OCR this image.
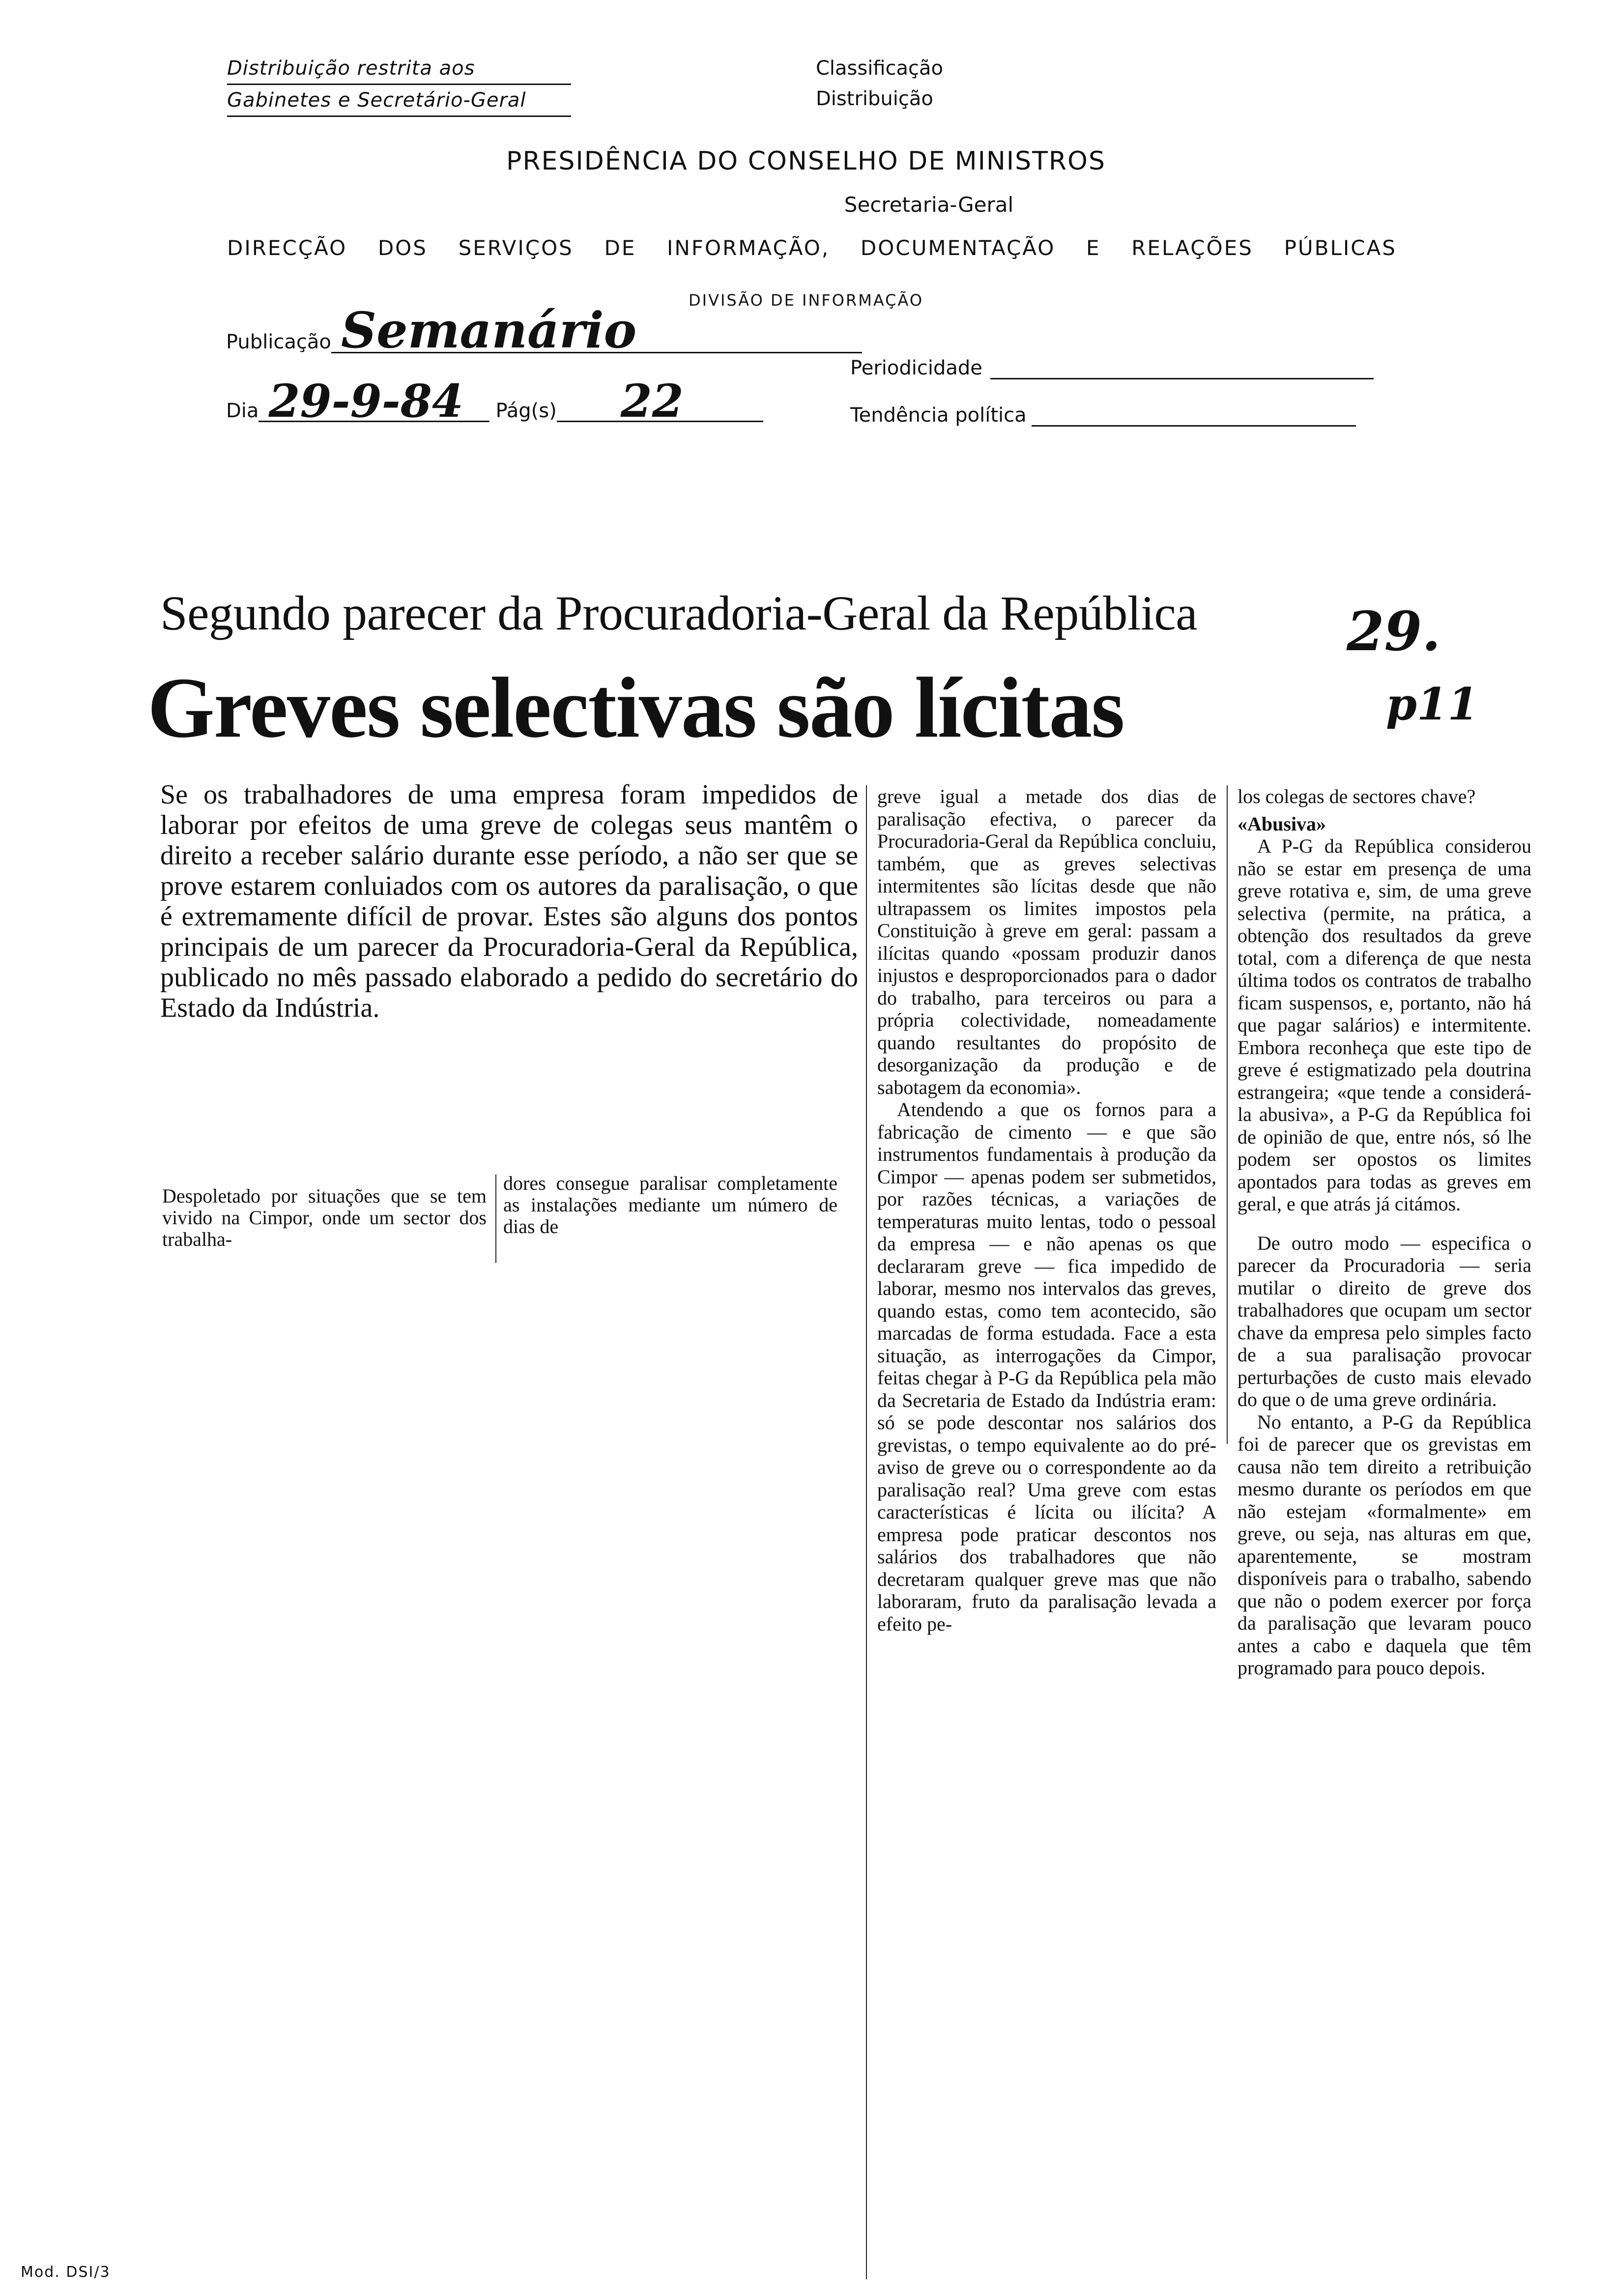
Distribuição restrita aos
Gabinetes e Secretário-Geral
Classificação
Distribuição
PRESIDÊNCIA DO CONSELHO DE MINISTROS
Secretaria-Geral
DIRECÇÃO DOS SERVIÇOS DE INFORMAÇÃO, DOCUMENTAÇÃO E RELAÇÕES PÚBLICAS
DIVISÃO DE INFORMAÇÃO
Publicação Semanário
Dia 29-9-84 Pág(s) 22
Periodicidade
Tendência política
Segundo parecer da Procuradoria-Geral da República
Greves selectivas são lícitas
29.
p11
Se os trabalhadores de uma empresa foram impedidos de laborar por efeitos de uma greve de colegas seus mantêm o direito a receber salário durante esse período, a não ser que se prove estarem conluiados com os autores da paralisação, o que é extremamente difícil de provar. Estes são alguns dos pontos principais de um parecer da Procuradoria-Geral da República, publicado no mês passado elaborado a pedido do secretário do Estado da Indústria.
Despoletado por situações que se tem vivido na Cimpor, onde um sector dos trabalha-
dores consegue paralisar completamente as instalações mediante um número de dias de

greve igual a metade dos dias de paralisação efectiva, o parecer da Procuradoria-Geral da República concluiu, também, que as greves selectivas intermitentes são lícitas desde que não ultrapassem os limites impostos pela Constituição à greve em geral: passam a ilícitas quando «possam produzir danos injustos e desproporcionados para o dador do trabalho, para terceiros ou para a própria colectividade, nomeadamente quando resultantes do propósito de desorganização da produção e de sabotagem da economia».

Atendendo a que os fornos para a fabricação de cimento — e que são instrumentos fundamentais à produção da Cimpor — apenas podem ser submetidos, por razões técnicas, a variações de temperaturas muito lentas, todo o pessoal da empresa — e não apenas os que declararam greve — fica impedido de laborar, mesmo nos intervalos das greves, quando estas, como tem acontecido, são marcadas de forma estudada. Face a esta situação, as interrogações da Cimpor, feitas chegar à P-G da República pela mão da Secretaria de Estado da Indústria eram: só se pode descontar nos salários dos grevistas, o tempo equivalente ao do pré-aviso de greve ou o correspondente ao da paralisação real? Uma greve com estas características é lícita ou ilícita? A empresa pode praticar descontos nos salários dos trabalhadores que não decretaram qualquer greve mas que não laboraram, fruto da paralisação levada a efeito pe-

los colegas de sectores chave?

«Abusiva»

A P-G da República considerou não se estar em presença de uma greve rotativa e, sim, de uma greve selectiva (permite, na prática, a obtenção dos resultados da greve total, com a diferença de que nesta última todos os contratos de trabalho ficam suspensos, e, portanto, não há que pagar salários) e intermitente. Embora reconheça que este tipo de greve é estigmatizado pela doutrina estrangeira; «que tende a considerá-la abusiva», a P-G da República foi de opinião de que, entre nós, só lhe podem ser opostos os limites apontados para todas as greves em geral, e que atrás já citámos.

De outro modo — especifica o parecer da Procuradoria — seria mutilar o direito de greve dos trabalhadores que ocupam um sector chave da empresa pelo simples facto de a sua paralisação provocar perturbações de custo mais elevado do que o de uma greve ordinária.

No entanto, a P-G da República foi de parecer que os grevistas em causa não tem direito a retribuição mesmo durante os períodos em que não estejam «formalmente» em greve, ou seja, nas alturas em que, aparentemente, se mostram disponíveis para o trabalho, sabendo que não o podem exercer por força da paralisação que levaram pouco antes a cabo e daquela que têm programado para pouco depois.

Mod. DSI/3
